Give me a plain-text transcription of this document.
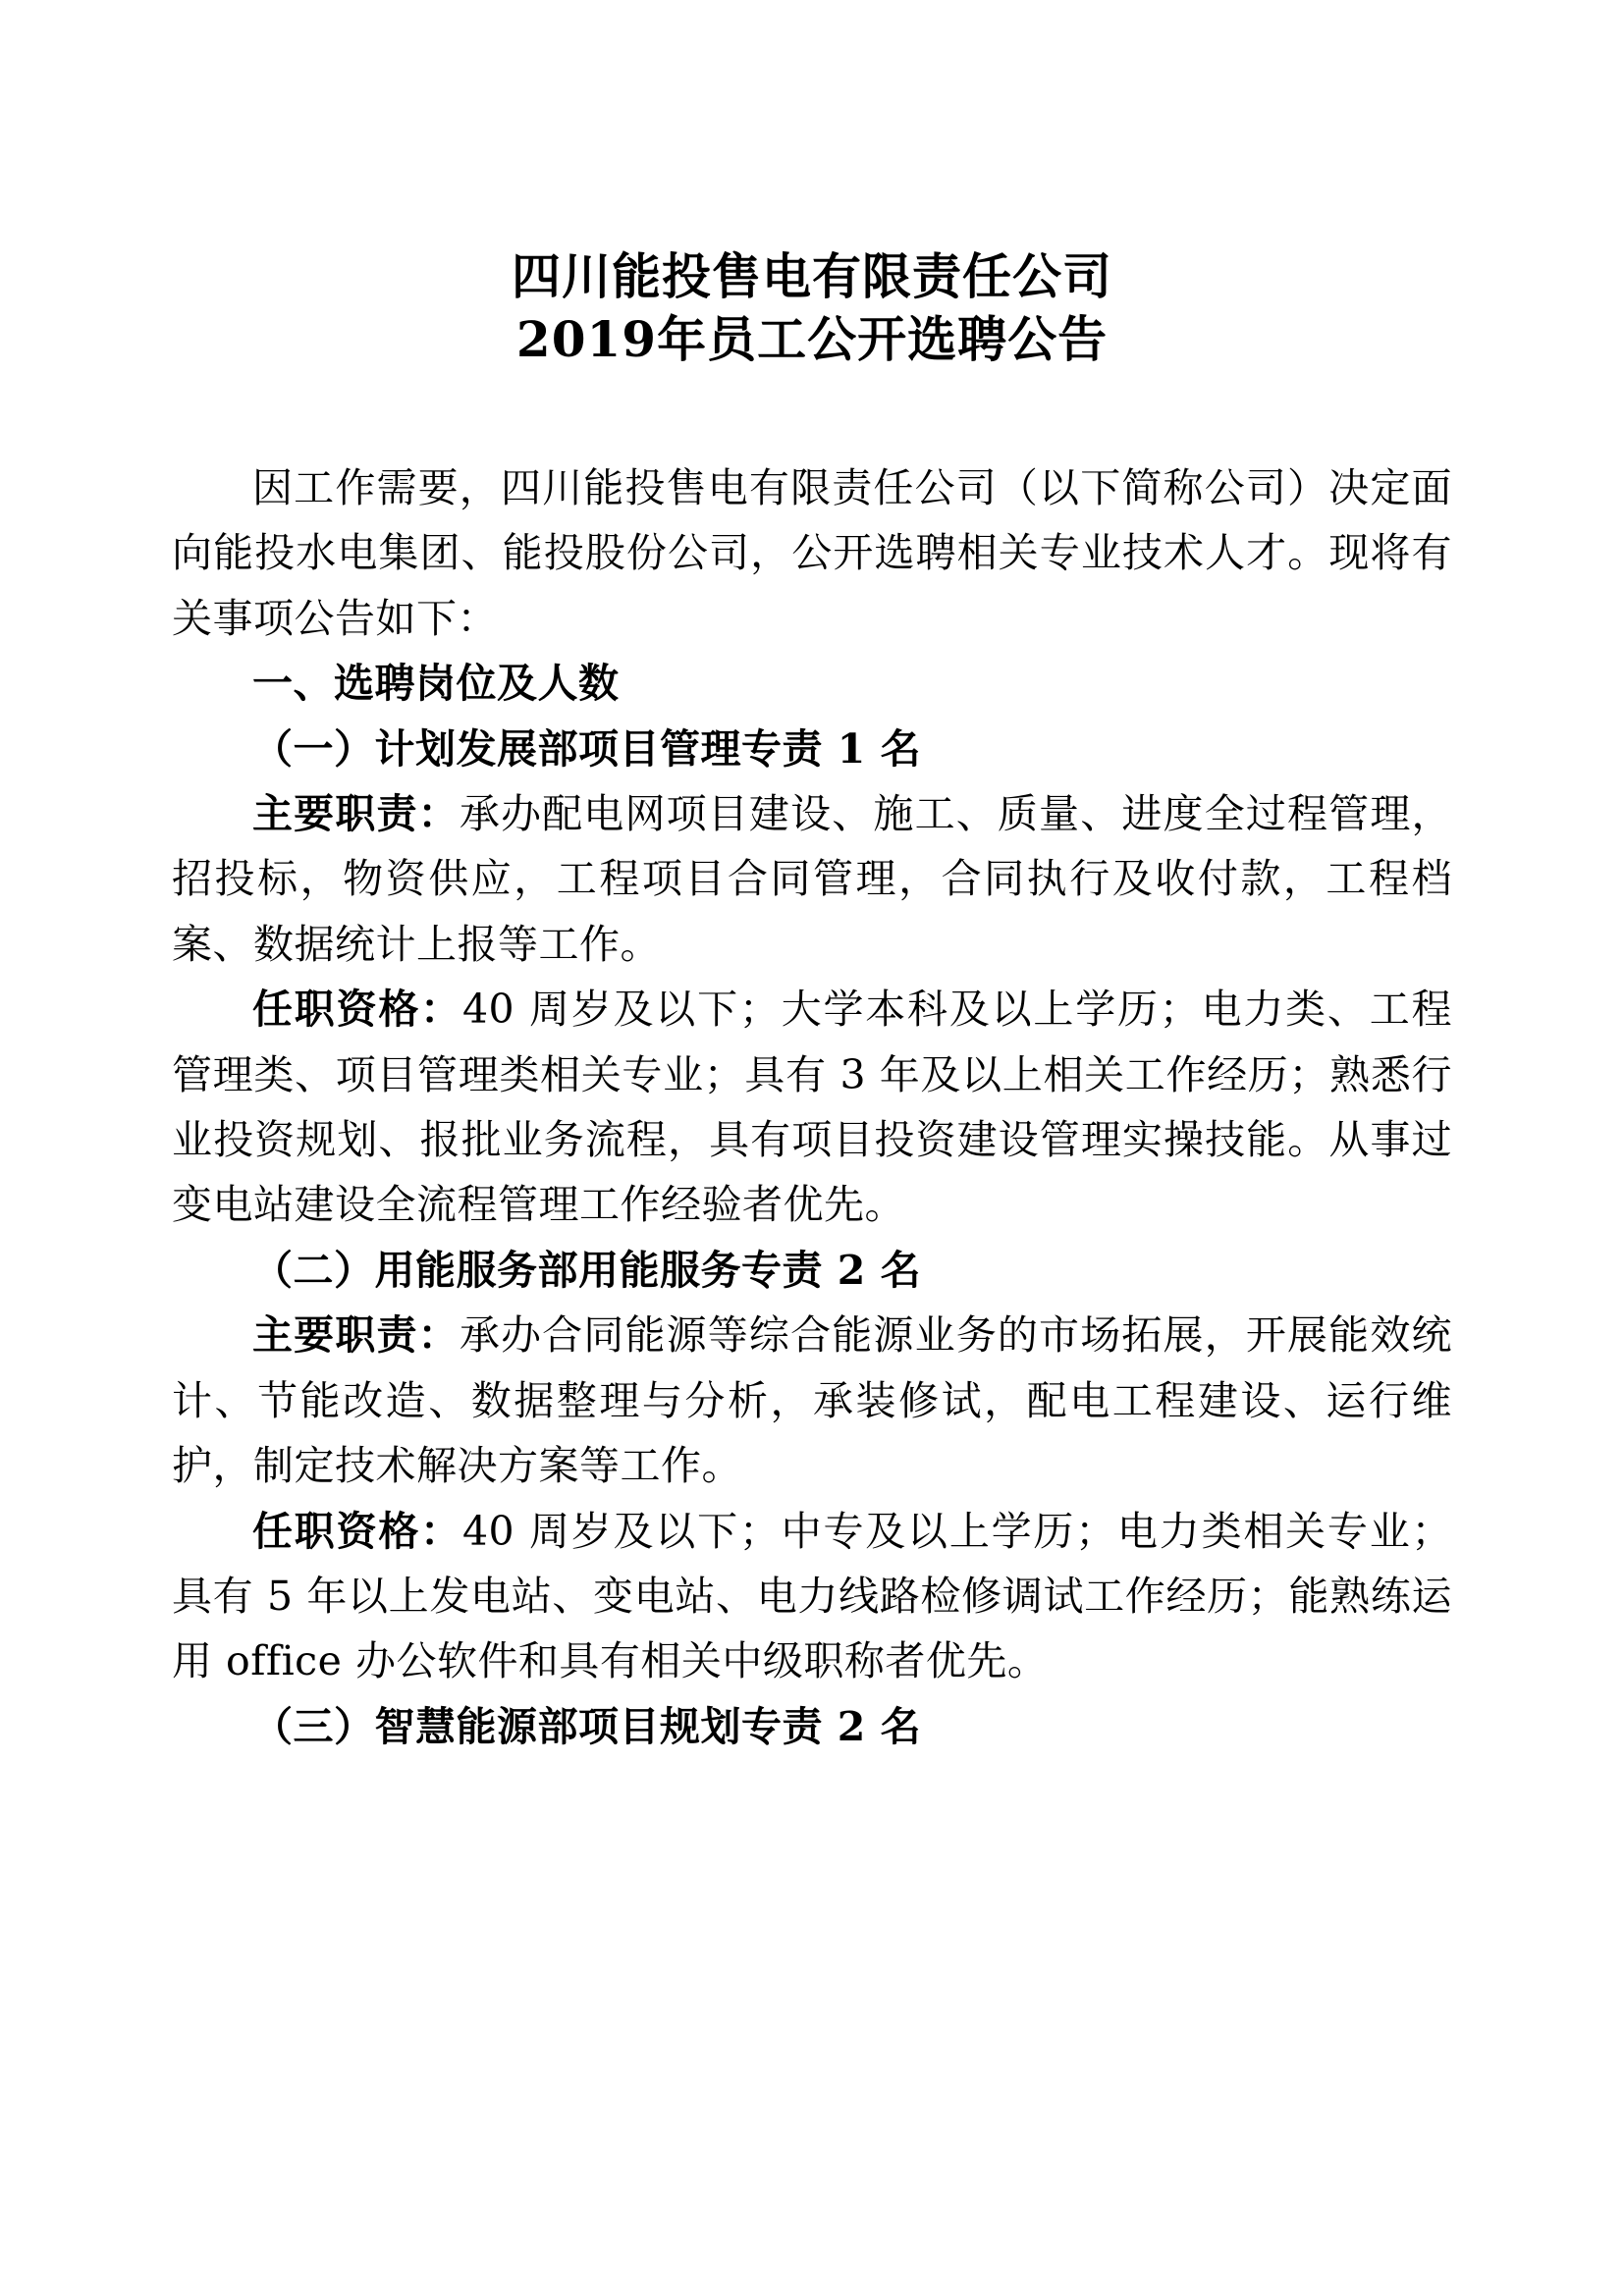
四川能投售电有限责任公司
2019年员工公开选聘公告

因工作需要，四川能投售电有限责任公司（以下简称公司）决定面向能投水电集团、能投股份公司，公开选聘相关专业技术人才。现将有关事项公告如下：

一、选聘岗位及人数

（一）计划发展部项目管理专责 1 名

主要职责：承办配电网项目建设、施工、质量、进度全过程管理，招投标，物资供应，工程项目合同管理，合同执行及收付款，工程档案、数据统计上报等工作。

任职资格：40 周岁及以下；大学本科及以上学历；电力类、工程管理类、项目管理类相关专业；具有 3 年及以上相关工作经历；熟悉行业投资规划、报批业务流程，具有项目投资建设管理实操技能。从事过变电站建设全流程管理工作经验者优先。

（二）用能服务部用能服务专责 2 名

主要职责：承办合同能源等综合能源业务的市场拓展，开展能效统计、节能改造、数据整理与分析，承装修试，配电工程建设、运行维护，制定技术解决方案等工作。

任职资格：40 周岁及以下；中专及以上学历；电力类相关专业；具有 5 年以上发电站、变电站、电力线路检修调试工作经历；能熟练运用 office 办公软件和具有相关中级职称者优先。

（三）智慧能源部项目规划专责 2 名
